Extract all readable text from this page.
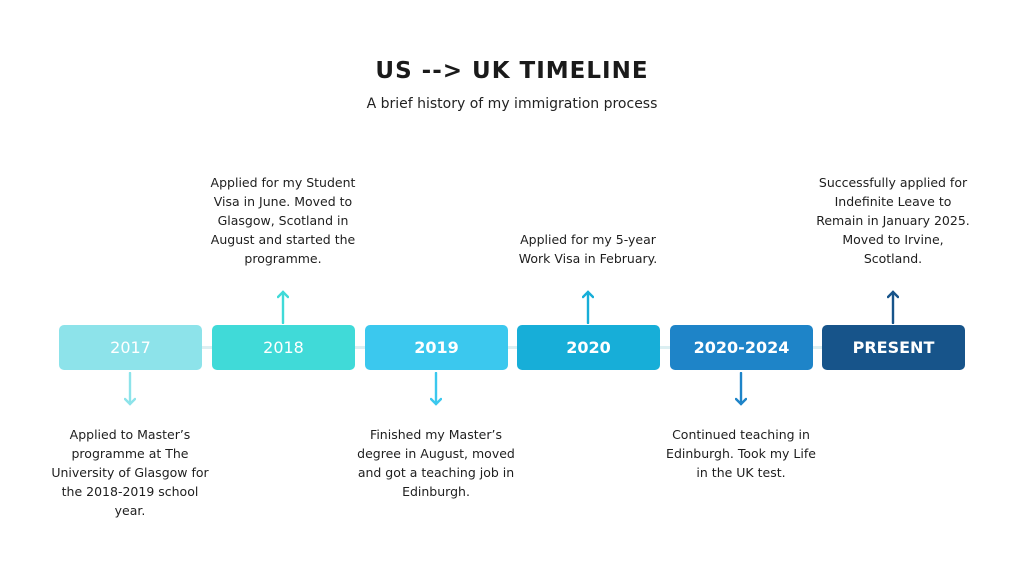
US --> UK TIMELINE
A brief history of my immigration process
2017
Applied to Master’s programme at The University of Glasgow for the 2018-2019 school year.
2018
Applied for my Student Visa in June. Moved to Glasgow, Scotland in August and started the programme.
2019
Finished my Master’s degree in August, moved and got a teaching job in Edinburgh.
2020
Applied for my 5-year Work Visa in February.
2020-2024
Continued teaching in Edinburgh. Took my Life in the UK test.
PRESENT
Successfully applied for Indefinite Leave to Remain in January 2025. Moved to Irvine, Scotland.
